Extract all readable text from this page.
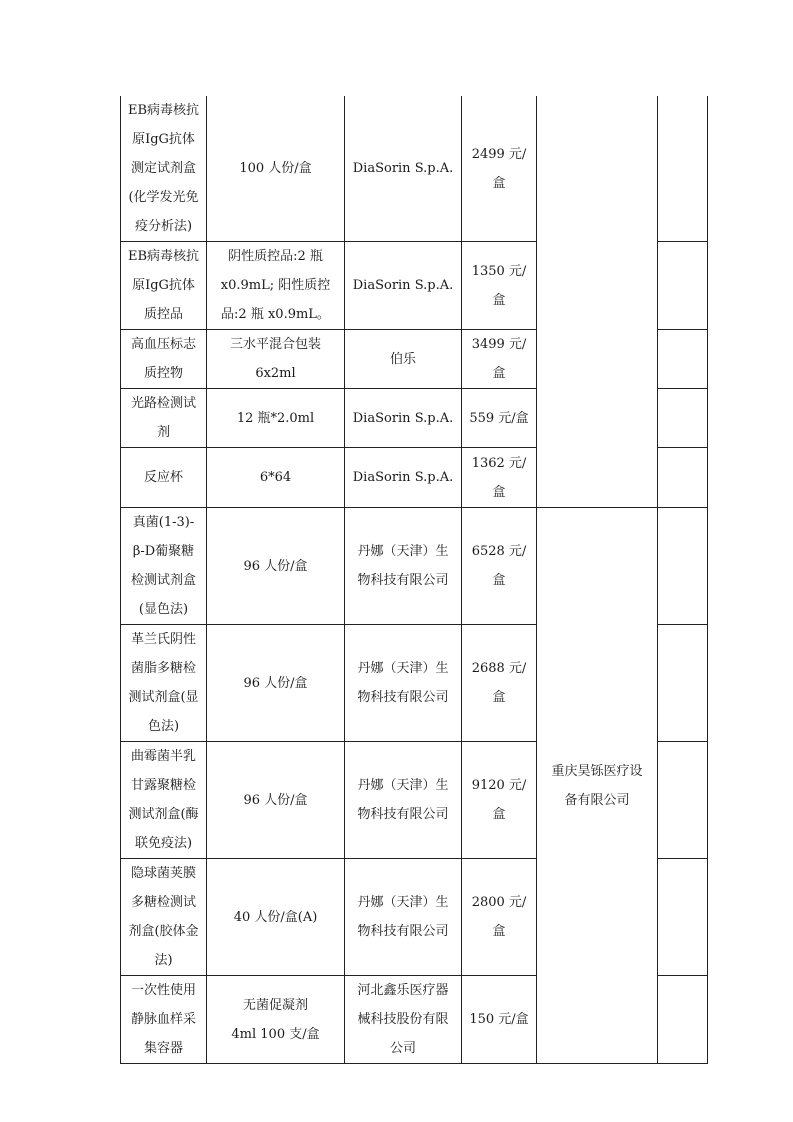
EB病毒核抗
原IgG抗体
测定试剂盒
(化学发光免
疫分析法)	100 人份/盒	DiaSorin S.p.A.	2499 元/
盒		

EB病毒核抗
原IgG抗体
质控品	阴性质控品:2 瓶
x0.9mL; 阳性质控
品:2 瓶 x0.9mL。	DiaSorin S.p.A.	1350 元/
盒		

高血压标志
质控物	三水平混合包装
6x2ml	伯乐	3499 元/
盒		

光路检测试
剂	12 瓶*2.0ml	DiaSorin S.p.A.	559 元/盒		

反应杯	6*64	DiaSorin S.p.A.	1362 元/
盒		

真菌(1-3)-
β-D葡聚糖
检测试剂盒
(显色法)	96 人份/盒	丹娜（天津）生
物科技有限公司	6528 元/
盒	重庆昊铄医疗设
备有限公司	

革兰氏阴性
菌脂多糖检
测试剂盒(显
色法)	96 人份/盒	丹娜（天津）生
物科技有限公司	2688 元/
盒		

曲霉菌半乳
甘露聚糖检
测试剂盒(酶
联免疫法)	96 人份/盒	丹娜（天津）生
物科技有限公司	9120 元/
盒		

隐球菌荚膜
多糖检测试
剂盒(胶体金
法)	40 人份/盒(A)	丹娜（天津）生
物科技有限公司	2800 元/
盒		

一次性使用
静脉血样采
集容器	无菌促凝剂
4ml 100 支/盒	河北鑫乐医疗器
械科技股份有限
公司	150 元/盒		
